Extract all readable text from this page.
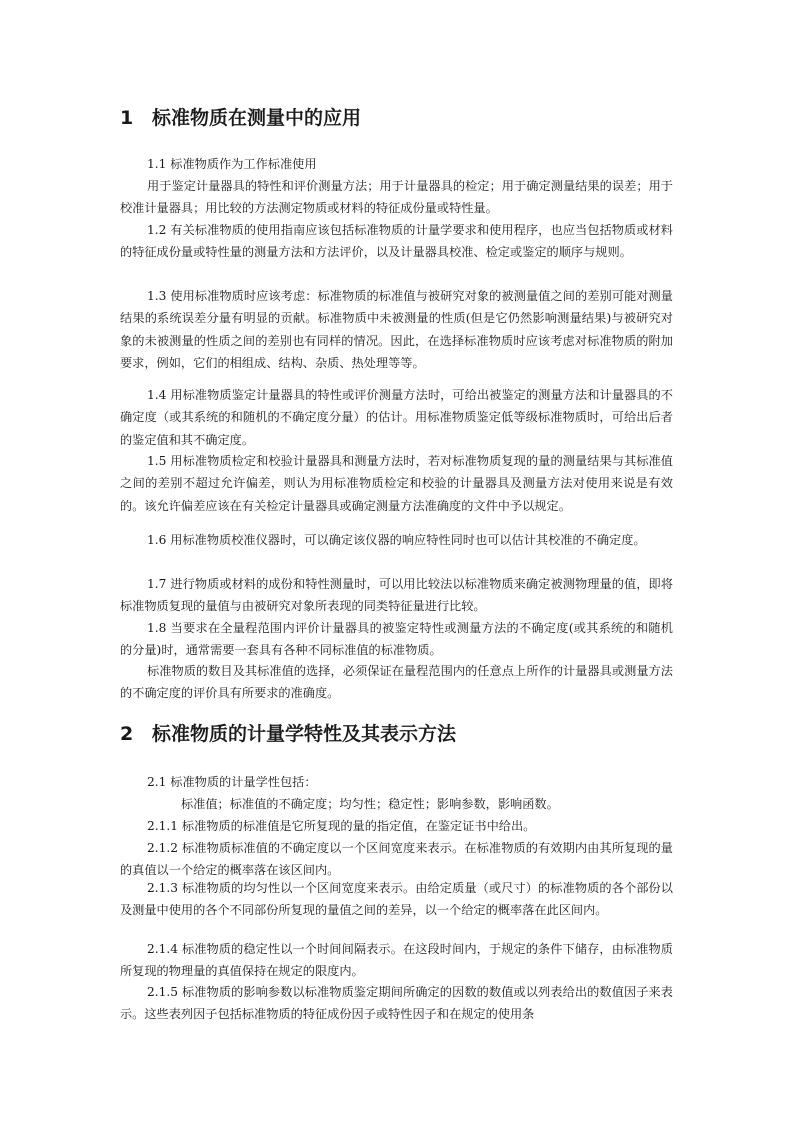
1 标准物质在测量中的应用

1.1 标准物质作为工作标准使用

用于鉴定计量器具的特性和评价测量方法；用于计量器具的检定；用于确定测量结果的误差；用于校准计量器具；用比较的方法测定物质或材料的特征成份量或特性量。

1.2 有关标准物质的使用指南应该包括标准物质的计量学要求和使用程序，也应当包括物质或材料的特征成份量或特性量的测量方法和方法评价，以及计量器具校准、检定或鉴定的顺序与规则。

1.3 使用标准物质时应该考虑：标准物质的标准值与被研究对象的被测量值之间的差别可能对测量结果的系统误差分量有明显的贡献。标准物质中未被测量的性质(但是它仍然影响测量结果)与被研究对象的未被测量的性质之间的差别也有同样的情况。因此，在选择标准物质时应该考虑对标准物质的附加要求，例如，它们的相组成、结构、杂质、热处理等等。

1.4 用标准物质鉴定计量器具的特性或评价测量方法时，可给出被鉴定的测量方法和计量器具的不确定度（或其系统的和随机的不确定度分量）的估计。用标准物质鉴定低等级标准物质时，可给出后者的鉴定值和其不确定度。

1.5 用标准物质检定和校验计量器具和测量方法时，若对标准物质复现的量的测量结果与其标准值之间的差别不超过允许偏差，则认为用标准物质检定和校验的计量器具及测量方法对使用来说是有效的。该允许偏差应该在有关检定计量器具或确定测量方法准确度的文件中予以规定。

1.6 用标准物质校准仪器时，可以确定该仪器的响应特性同时也可以估计其校准的不确定度。

1.7 进行物质或材料的成份和特性测量时，可以用比较法以标准物质来确定被测物理量的值，即将标准物质复现的量值与由被研究对象所表现的同类特征量进行比较。

1.8 当要求在全量程范围内评价计量器具的被鉴定特性或测量方法的不确定度(或其系统的和随机的分量)时，通常需要一套具有各种不同标准值的标准物质。

标准物质的数目及其标准值的选择，必须保证在量程范围内的任意点上所作的计量器具或测量方法的不确定度的评价具有所要求的准确度。

2 标准物质的计量学特性及其表示方法

2.1 标准物质的计量学性包括：

标准值；标准值的不确定度；均匀性；稳定性；影响参数，影响函数。

2.1.1 标准物质的标准值是它所复现的量的指定值，在鉴定证书中给出。

2.1.2 标准物质标准值的不确定度以一个区间宽度来表示。在标准物质的有效期内由其所复现的量的真值以一个给定的概率落在该区间内。

2.1.3 标准物质的均匀性以一个区间宽度来表示。由给定质量（或尺寸）的标准物质的各个部份以及测量中使用的各个不同部份所复现的量值之间的差异，以一个给定的概率落在此区间内。

2.1.4 标准物质的稳定性以一个时间间隔表示。在这段时间内，于规定的条件下储存，由标准物质所复现的物理量的真值保持在规定的限度内。

2.1.5 标准物质的影响参数以标准物质鉴定期间所确定的因数的数值或以列表给出的数值因子来表示。这些表列因子包括标准物质的特征成份因子或特性因子和在规定的使用条
